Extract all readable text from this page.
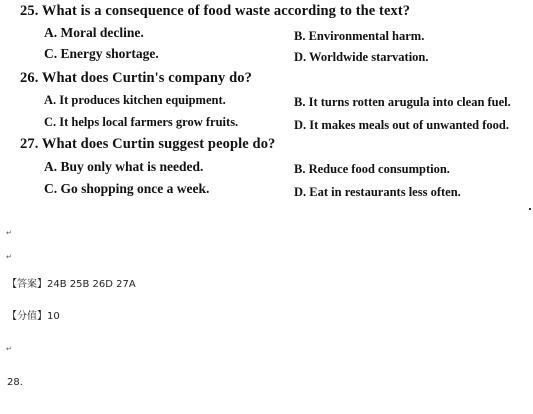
25. What is a consequence of food waste according to the text?
A. Moral decline.	B. Environmental harm.
C. Energy shortage.	D. Worldwide starvation.
26. What does Curtin's company do?
A. It produces kitchen equipment.	B. It turns rotten arugula into clean fuel.
C. It helps local farmers grow fruits.	D. It makes meals out of unwanted food.
27. What does Curtin suggest people do?
A. Buy only what is needed.	B. Reduce food consumption.
C. Go shopping once a week.	D. Eat in restaurants less often.
↵
↵
【答案】24B 25B 26D 27A
【分值】10
↵
28.
